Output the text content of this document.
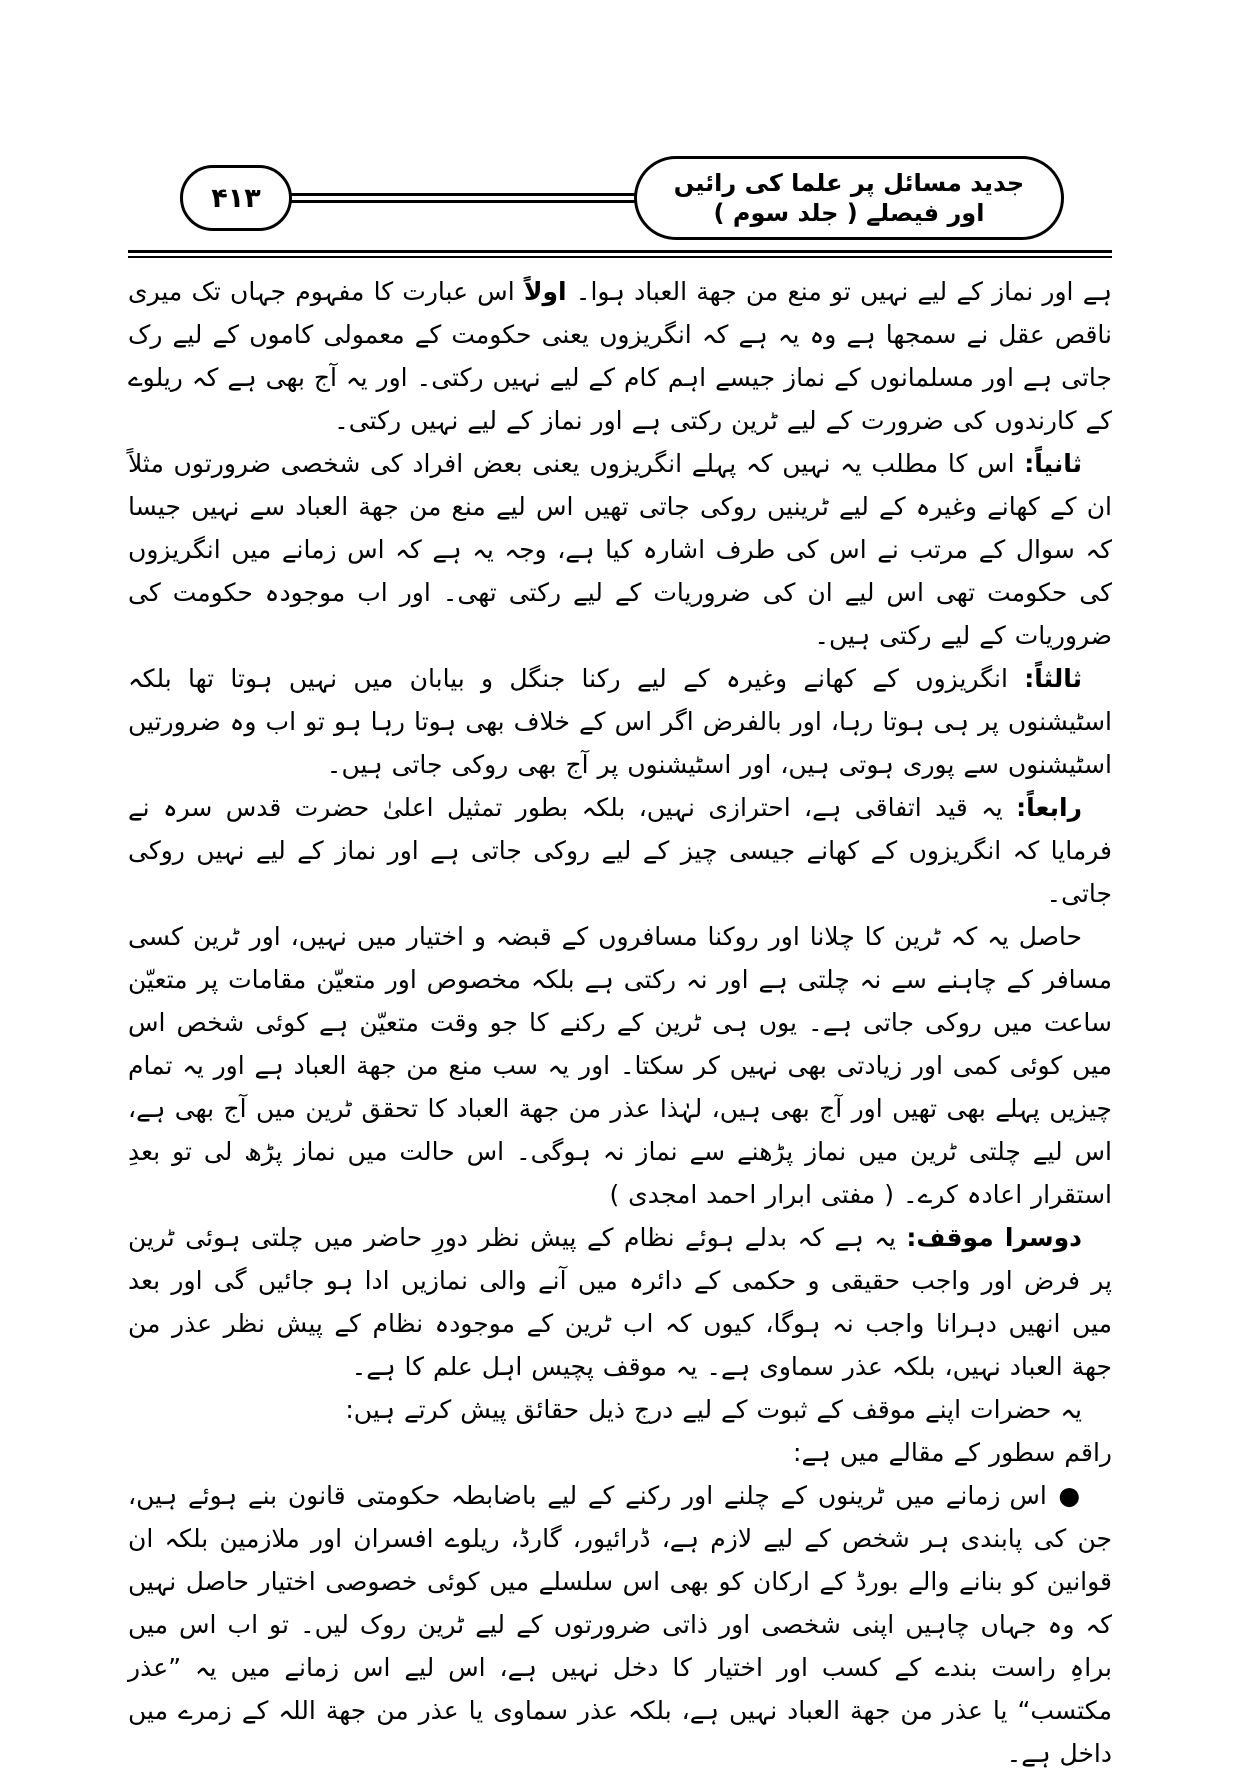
۴۱۳	جدید مسائل پر علما کی رائیں اور فیصلے ( جلد سوم )

ہے اور نماز کے لیے نہیں تو منع من جهة العباد ہوا۔ اولاً اس عبارت کا مفہوم جہاں تک میری ناقص عقل نے سمجھا ہے وہ یہ ہے کہ انگریزوں یعنی حکومت کے معمولی کاموں کے لیے رک جاتی ہے اور مسلمانوں کے نماز جیسے اہم کام کے لیے نہیں رکتی۔ اور یہ آج بھی ہے کہ ریلوے کے کارندوں کی ضرورت کے لیے ٹرین رکتی ہے اور نماز کے لیے نہیں رکتی۔

ثانیاً: اس کا مطلب یہ نہیں کہ پہلے انگریزوں یعنی بعض افراد کی شخصی ضرورتوں مثلاً ان کے کھانے وغیرہ کے لیے ٹرینیں روکی جاتی تھیں اس لیے منع من جهة العباد سے نہیں جیسا کہ سوال کے مرتب نے اس کی طرف اشارہ کیا ہے، وجہ یہ ہے کہ اس زمانے میں انگریزوں کی حکومت تھی اس لیے ان کی ضروریات کے لیے رکتی تھی۔ اور اب موجودہ حکومت کی ضروریات کے لیے رکتی ہیں۔

ثالثاً: انگریزوں کے کھانے وغیرہ کے لیے رکنا جنگل و بیابان میں نہیں ہوتا تھا بلکہ اسٹیشنوں پر ہی ہوتا رہا، اور بالفرض اگر اس کے خلاف بھی ہوتا رہا ہو تو اب وہ ضرورتیں اسٹیشنوں سے پوری ہوتی ہیں، اور اسٹیشنوں پر آج بھی روکی جاتی ہیں۔

رابعاً: یہ قید اتفاقی ہے، احترازی نہیں، بلکہ بطور تمثیل اعلیٰ حضرت قدس سرہ نے فرمایا کہ انگریزوں کے کھانے جیسی چیز کے لیے روکی جاتی ہے اور نماز کے لیے نہیں روکی جاتی۔

حاصل یہ کہ ٹرین کا چلانا اور روکنا مسافروں کے قبضہ و اختیار میں نہیں، اور ٹرین کسی مسافر کے چاہنے سے نہ چلتی ہے اور نہ رکتی ہے بلکہ مخصوص اور متعیّن مقامات پر متعیّن ساعت میں روکی جاتی ہے۔ یوں ہی ٹرین کے رکنے کا جو وقت متعیّن ہے کوئی شخص اس میں کوئی کمی اور زیادتی بھی نہیں کر سکتا۔ اور یہ سب منع من جهة العباد ہے اور یہ تمام چیزیں پہلے بھی تھیں اور آج بھی ہیں، لہٰذا عذر من جهة العباد کا تحقق ٹرین میں آج بھی ہے، اس لیے چلتی ٹرین میں نماز پڑھنے سے نماز نہ ہوگی۔ اس حالت میں نماز پڑھ لی تو بعدِ استقرار اعادہ کرے۔ ( مفتی ابرار احمد امجدی )

دوسرا موقف: یہ ہے کہ بدلے ہوئے نظام کے پیش نظر دورِ حاضر میں چلتی ہوئی ٹرین پر فرض اور واجب حقیقی و حکمی کے دائرہ میں آنے والی نمازیں ادا ہو جائیں گی اور بعد میں انھیں دہرانا واجب نہ ہوگا، کیوں کہ اب ٹرین کے موجودہ نظام کے پیش نظر عذر من جهة العباد نہیں، بلکہ عذر سماوی ہے۔ یہ موقف پچیس اہل علم کا ہے۔

یہ حضرات اپنے موقف کے ثبوت کے لیے درج ذیل حقائق پیش کرتے ہیں:

راقم سطور کے مقالے میں ہے:

● اس زمانے میں ٹرینوں کے چلنے اور رکنے کے لیے باضابطہ حکومتی قانون بنے ہوئے ہیں، جن کی پابندی ہر شخص کے لیے لازم ہے، ڈرائیور، گارڈ، ریلوے افسران اور ملازمین بلکہ ان قوانین کو بنانے والے بورڈ کے ارکان کو بھی اس سلسلے میں کوئی خصوصی اختیار حاصل نہیں کہ وہ جہاں چاہیں اپنی شخصی اور ذاتی ضرورتوں کے لیے ٹرین روک لیں۔ تو اب اس میں براہِ راست بندے کے کسب اور اختیار کا دخل نہیں ہے، اس لیے اس زمانے میں یہ ”عذر مکتسب“ یا عذر من جهة العباد نہیں ہے، بلکہ عذر سماوی یا عذر من جهة اللہ کے زمرے میں داخل ہے۔
